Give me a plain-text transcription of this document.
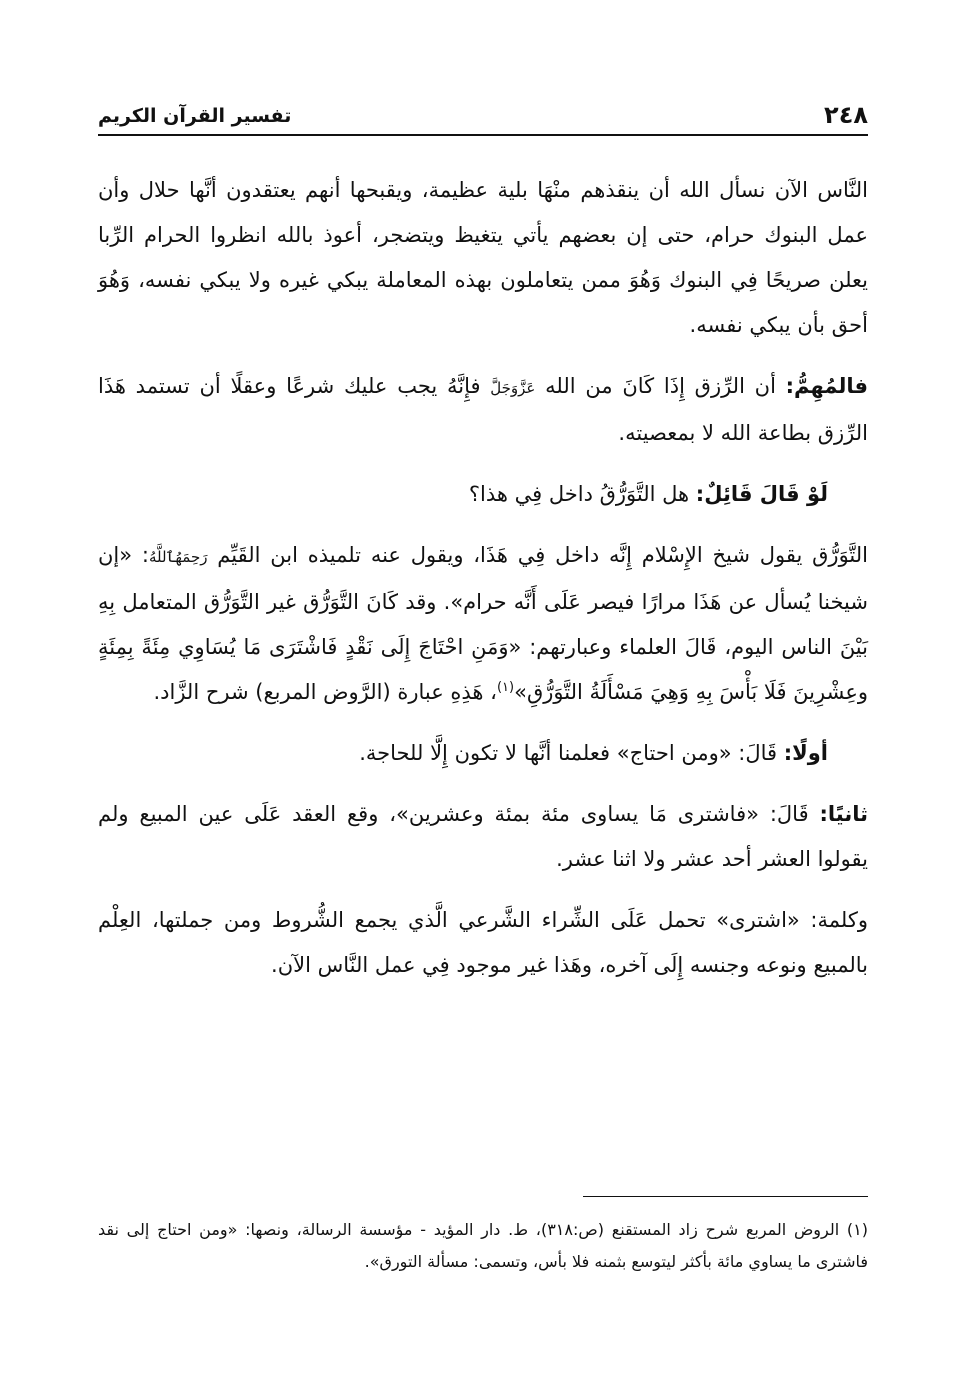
٢٤٨
تفسير القرآن الكريم

النَّاس الآن نسأل الله أن ينقذهم منْهَا بلية عظيمة، ويقبحها أنهم يعتقدون أنَّها حلال وأن عمل البنوك حرام، حتى إن بعضهم يأتي يتغيظ ويتضجر، أعوذ بالله انظروا الحرام الرِّبا يعلن صريحًا فِي البنوك وَهُوَ ممن يتعاملون بهذه المعاملة يبكي غيره ولا يبكي نفسه، وَهُوَ أحق بأن يبكي نفسه.

فالمُهِمُّ: أن الرِّزق إِذَا كَانَ من الله عَزَّوَجَلَّ فإِنَّهُ يجب عليك شرعًا وعقلًا أن تستمد هَذَا الرِّزق بطاعة الله لا بمعصيته.

لَوْ قَالَ قَائِلٌ: هل التَّوَرُّقُ داخل فِي هذا؟

التَّوَرُّق يقول شيخ الإِسْلام إِنَّه داخل فِي هَذَا، ويقول عنه تلميذه ابن القَيِّم رَحِمَهُٱللَّهُ: «إن شيخنا يُسأل عن هَذَا مرارًا فيصر عَلَى أَنَّه حرام». وقد كَانَ التَّوَرُّق غير التَّوَرُّق المتعامل بِهِ بَيْنَ الناس اليوم، قَالَ العلماء وعبارتهم: «وَمَنِ احْتَاجَ إِلَى نَقْدٍ فَاشْتَرَى مَا يُسَاوِي مِئَةً بِمِئَةٍ وعِشْرِينَ فَلَا بَأْسَ بِهِ وَهِيَ مَسْأَلَةُ التَّوَرُّقِ»$^{(١)}$، هَذِهِ عبارة (الرَّوض المربع) شرح الزَّاد.

أولًا: قَالَ: «ومن احتاج» فعلمنا أنَّها لا تكون إِلَّا للحاجة.

ثانيًا: قَالَ: «فاشترى مَا يساوى مئة بمئة وعشرين»، وقع العقد عَلَى عين المبيع ولم يقولوا العشر أحد عشر ولا اثنا عشر.

وكلمة: «اشترى» تحمل عَلَى الشِّراء الشَّرعي الَّذي يجمع الشُّروط ومن جملتها، العِلْم بالمبيع ونوعه وجنسه إِلَى آخره، وهَذا غير موجود فِي عمل النَّاس الآن.

(١) الروض المربع شرح زاد المستقنع (ص:٣١٨)، ط. دار المؤيد - مؤسسة الرسالة، ونصها: «ومن احتاج إلى نقد فاشترى ما يساوي مائة بأكثر ليتوسع بثمنه فلا بأس، وتسمى: مسألة التورق».
